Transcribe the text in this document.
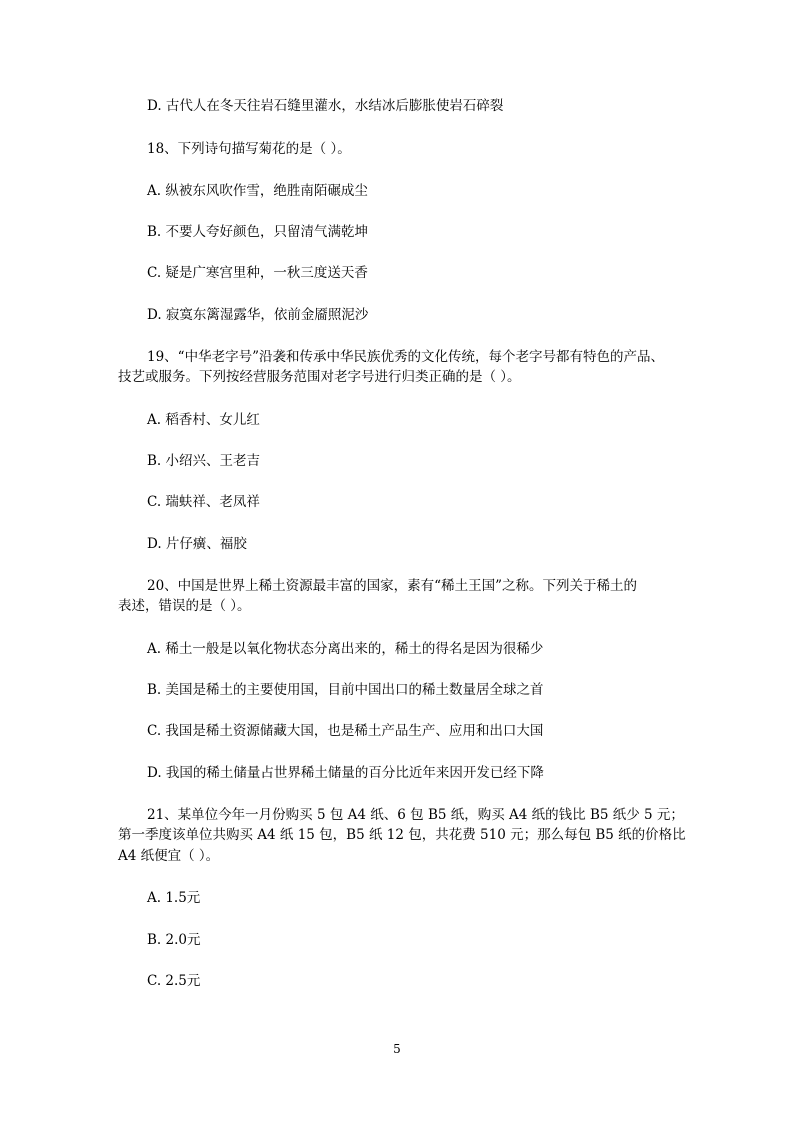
D. 古代人在冬天往岩石缝里灌水，水结冰后膨胀使岩石碎裂
18、下列诗句描写菊花的是（ ）。
A. 纵被东风吹作雪，绝胜南陌碾成尘
B. 不要人夸好颜色，只留清气满乾坤
C. 疑是广寒宫里种，一秋三度送天香
D. 寂寞东篱湿露华，依前金靥照泥沙
19、“中华老字号”沿袭和传承中华民族优秀的文化传统，每个老字号都有特色的产品、
技艺或服务。下列按经营服务范围对老字号进行归类正确的是（ ）。
A. 稻香村、女儿红
B. 小绍兴、王老吉
C. 瑞蚨祥、老凤祥
D. 片仔癀、福胶
20、中国是世界上稀土资源最丰富的国家，素有“稀土王国”之称。下列关于稀土的
表述，错误的是（ ）。
A. 稀土一般是以氧化物状态分离出来的，稀土的得名是因为很稀少
B. 美国是稀土的主要使用国，目前中国出口的稀土数量居全球之首
C. 我国是稀土资源储藏大国，也是稀土产品生产、应用和出口大国
D. 我国的稀土储量占世界稀土储量的百分比近年来因开发已经下降
21、某单位今年一月份购买 5 包 A4 纸、6 包 B5 纸，购买 A4 纸的钱比 B5 纸少 5 元；
第一季度该单位共购买 A4 纸 15 包，B5 纸 12 包，共花费 510 元；那么每包 B5 纸的价格比
A4 纸便宜（ ）。
A. 1.5元
B. 2.0元
C. 2.5元
5
